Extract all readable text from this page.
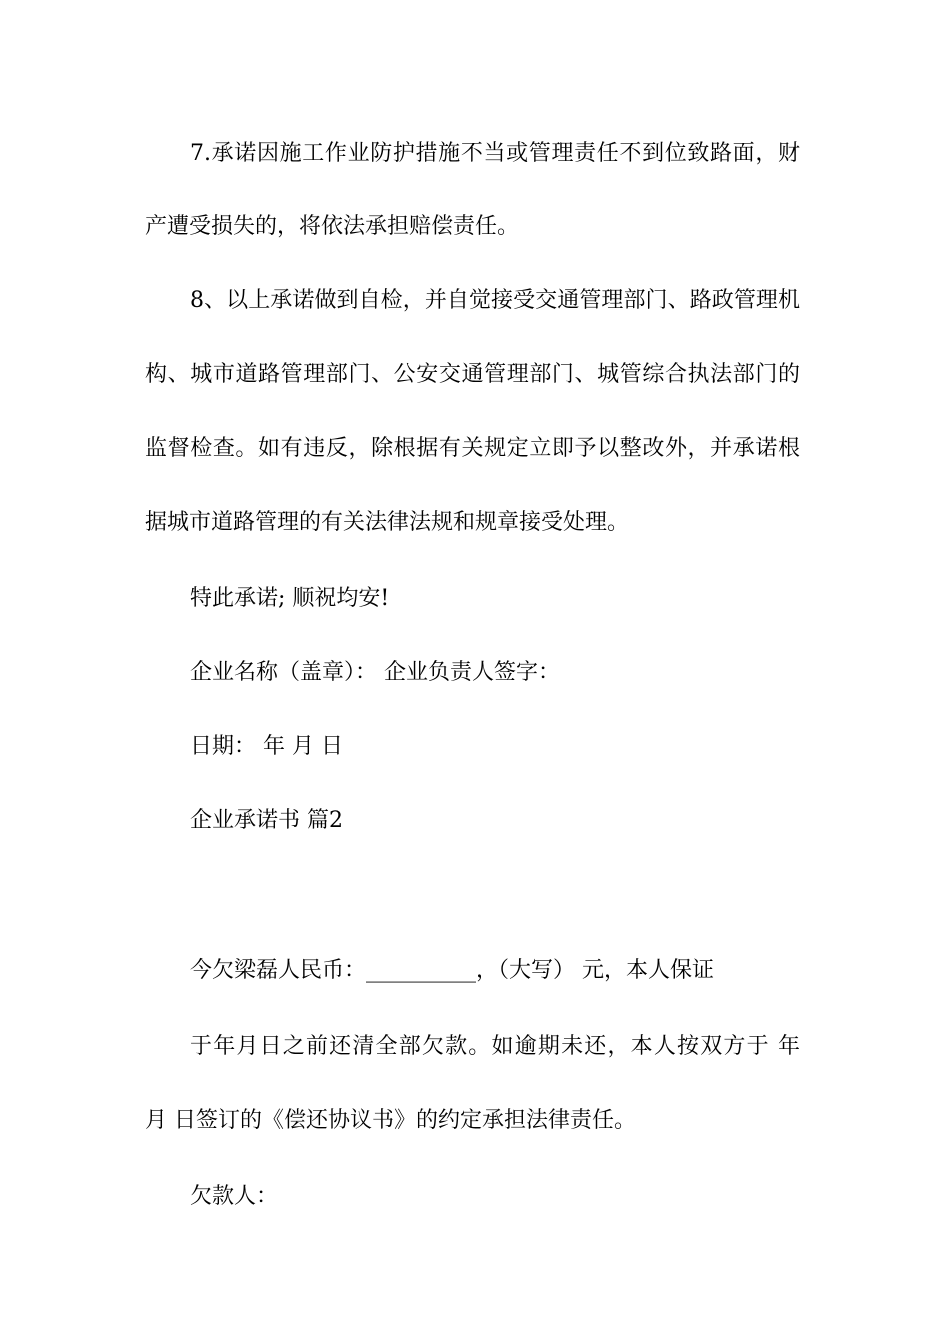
7.承诺因施工作业防护措施不当或管理责任不到位致路面，财
产遭受损失的，将依法承担赔偿责任。
8、以上承诺做到自检，并自觉接受交通管理部门、路政管理机
构、城市道路管理部门、公安交通管理部门、城管综合执法部门的
监督检查。如有违反，除根据有关规定立即予以整改外，并承诺根
据城市道路管理的有关法律法规和规章接受处理。
特此承诺; 顺祝均安!
企业名称（盖章）： 企业负责人签字：
日期： 年 月 日
企业承诺书 篇2
今欠梁磊人民币：__________，（大写） 元，本人保证
于年月日之前还清全部欠款。如逾期未还，本人按双方于 年
月 日签订的《偿还协议书》的约定承担法律责任。
欠款人：
